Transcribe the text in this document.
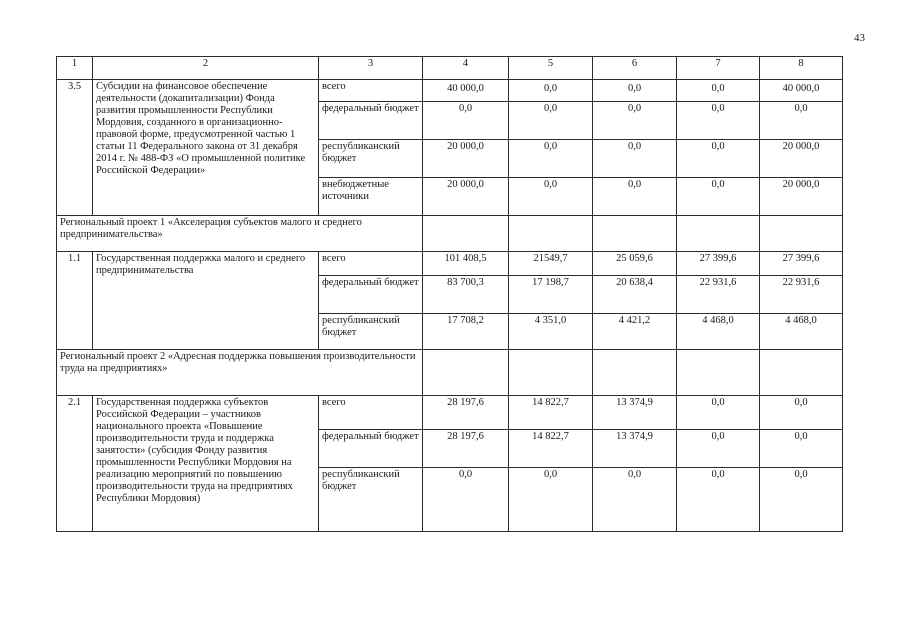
43
1	2	3	4	5	6	7	8
3.5	Субсидии на финансовое обеспечение деятельности (докапитализации) Фонда развития промышленности Республики Мордовия, созданного в организационно-правовой форме, предусмотренной частью 1 статьи 11 Федерального закона от 31 декабря 2014 г. № 488-ФЗ «О промышленной политике Российской Федерации»	всего	40 000,0	0,0	0,0	0,0	40 000,0
		федеральный бюджет	0,0	0,0	0,0	0,0	0,0
		республиканский бюджет	20 000,0	0,0	0,0	0,0	20 000,0
		внебюджетные источники	20 000,0	0,0	0,0	0,0	20 000,0
Региональный проект 1 «Акселерация субъектов малого и среднего предпринимательства»							
1.1	Государственная поддержка малого и среднего предпринимательства	всего	101 408,5	21549,7	25 059,6	27 399,6	27 399,6
		федеральный бюджет	83 700,3	17 198,7	20 638,4	22 931,6	22 931,6
		республиканский бюджет	17 708,2	4 351,0	4 421,2	4 468,0	4 468,0
Региональный проект 2 «Адресная поддержка повышения производительности труда на предприятиях»							
2.1	Государственная поддержка субъектов Российской Федерации – участников национального проекта «Повышение производительности труда и поддержка занятости» (субсидия Фонду развития промышленности Республики Мордовия на реализацию мероприятий по повышению производительности труда на предприятиях Республики Мордовия)	всего	28 197,6	14 822,7	13 374,9	0,0	0,0
		федеральный бюджет	28 197,6	14 822,7	13 374,9	0,0	0,0
		республиканский бюджет	0,0	0,0	0,0	0,0	0,0
